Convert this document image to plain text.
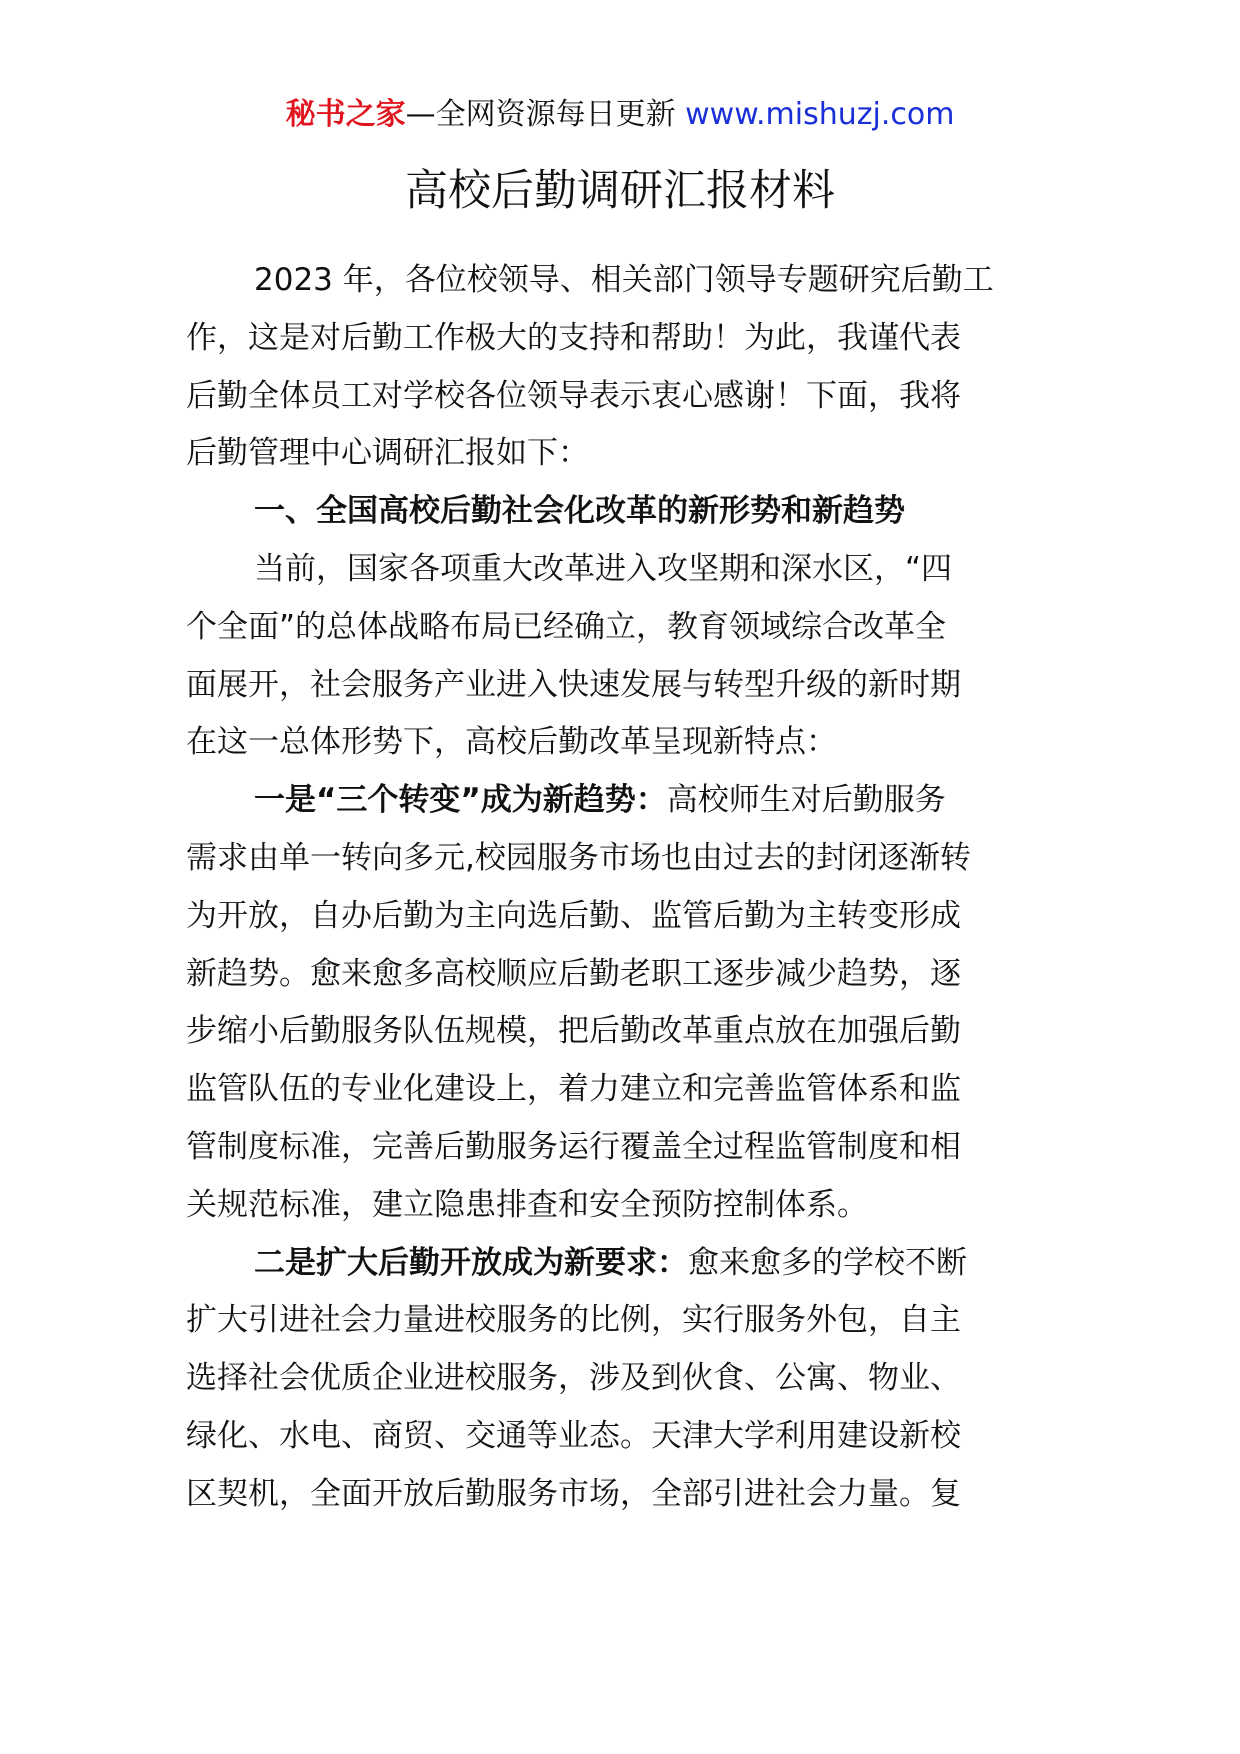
秘书之家—全网资源每日更新 www.mishuzj.com
高校后勤调研汇报材料
2023 年，各位校领导、相关部门领导专题研究后勤工
作，这是对后勤工作极大的支持和帮助！为此，我谨代表
后勤全体员工对学校各位领导表示衷心感谢！下面，我将
后勤管理中心调研汇报如下：
一、全国高校后勤社会化改革的新形势和新趋势
当前，国家各项重大改革进入攻坚期和深水区，“四
个全面”的总体战略布局已经确立，教育领域综合改革全
面展开，社会服务产业进入快速发展与转型升级的新时期
在这一总体形势下，高校后勤改革呈现新特点：
一是“三个转变”成为新趋势：高校师生对后勤服务
需求由单一转向多元,校园服务市场也由过去的封闭逐渐转
为开放，自办后勤为主向选后勤、监管后勤为主转变形成
新趋势。愈来愈多高校顺应后勤老职工逐步减少趋势，逐
步缩小后勤服务队伍规模，把后勤改革重点放在加强后勤
监管队伍的专业化建设上，着力建立和完善监管体系和监
管制度标准，完善后勤服务运行覆盖全过程监管制度和相
关规范标准，建立隐患排查和安全预防控制体系。
二是扩大后勤开放成为新要求：愈来愈多的学校不断
扩大引进社会力量进校服务的比例，实行服务外包，自主
选择社会优质企业进校服务，涉及到伙食、公寓、物业、
绿化、水电、商贸、交通等业态。天津大学利用建设新校
区契机，全面开放后勤服务市场，全部引进社会力量。复
